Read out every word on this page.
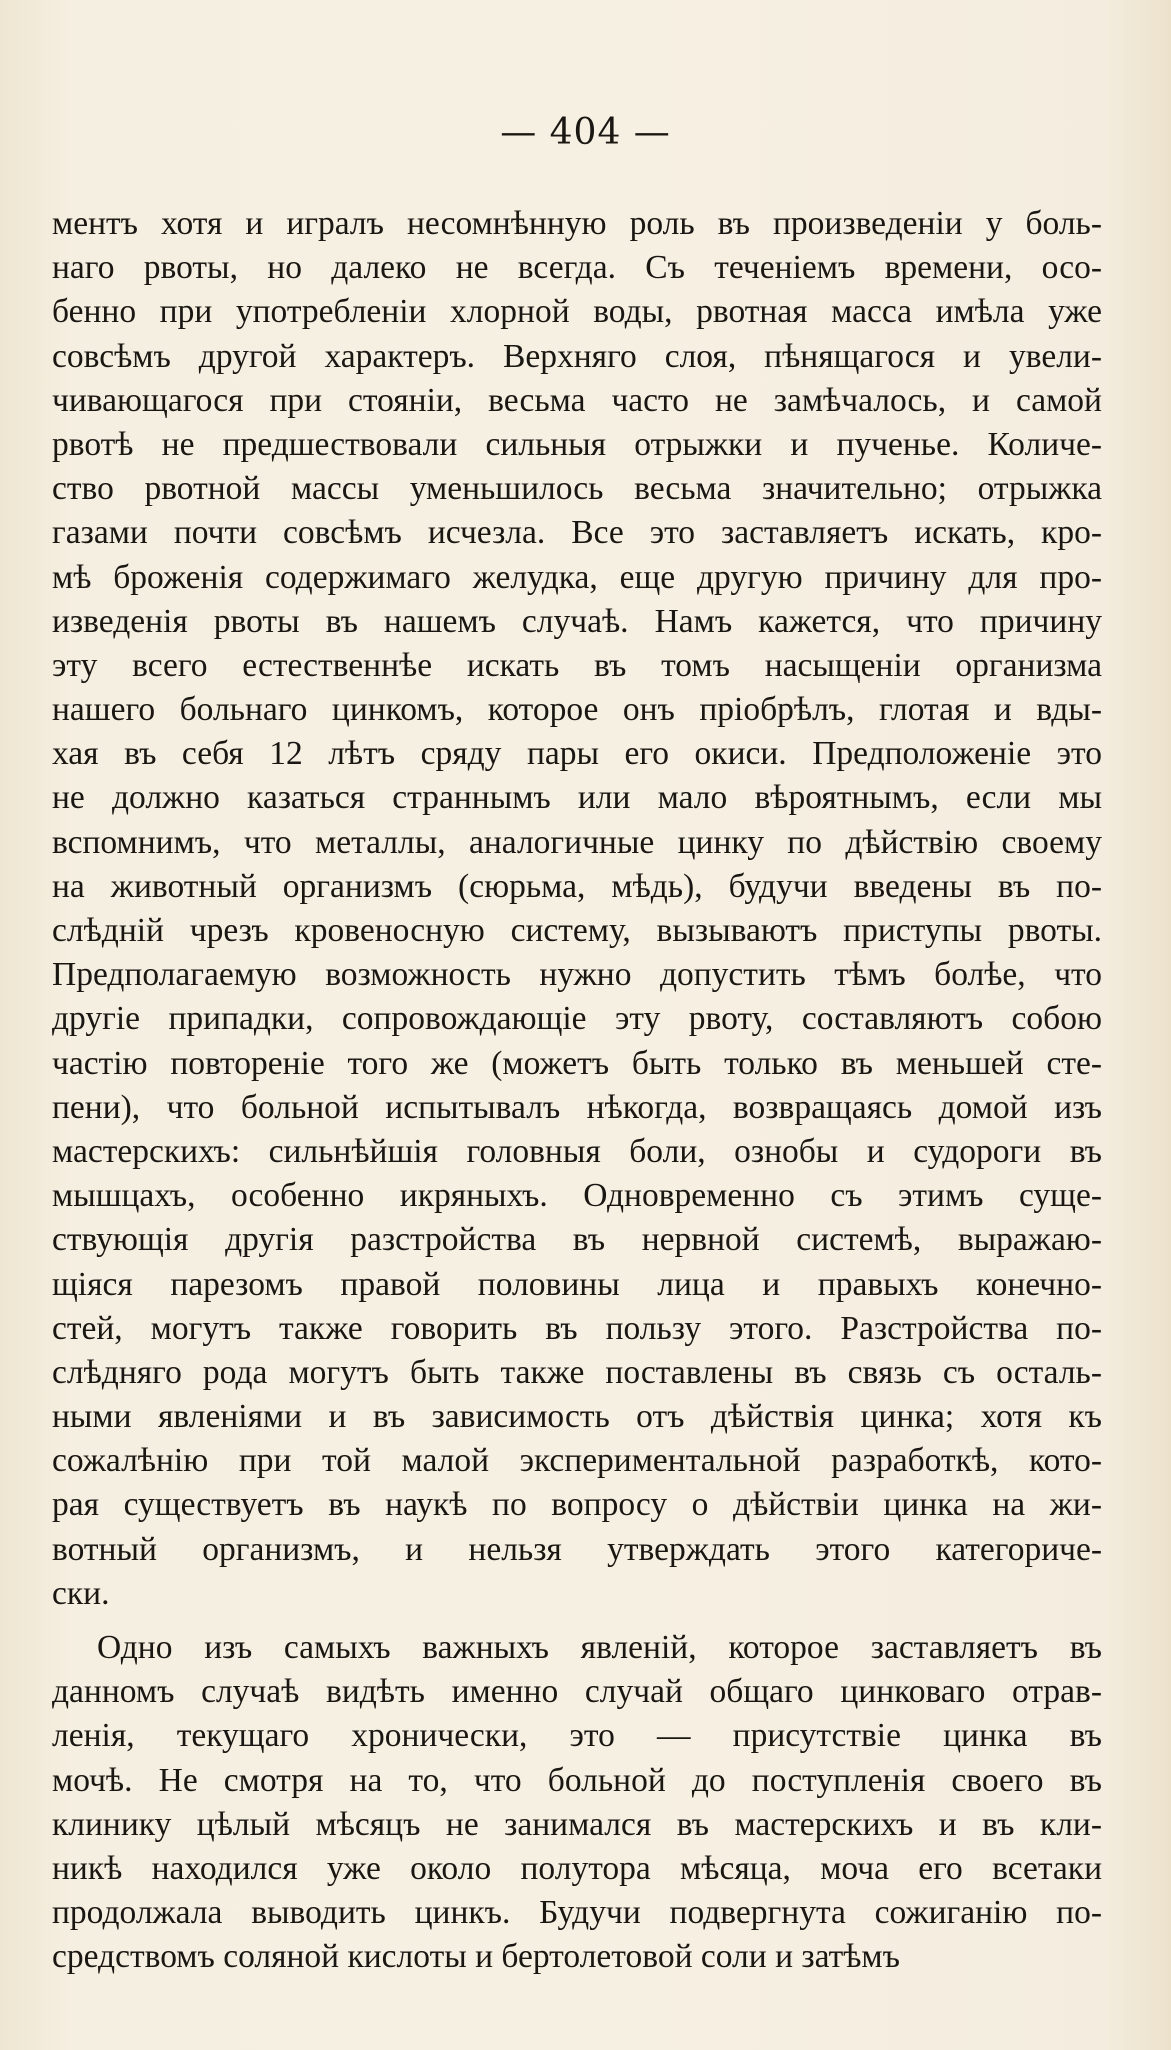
— 404 —
ментъ хотя и игралъ несомнѣнную роль въ произведенiи у боль-
наго рвоты, но далеко не всегда. Съ теченiемъ времени, осо-
бенно при употребленiи хлорной воды, рвотная масса имѣла уже
совсѣмъ другой характеръ. Верхняго слоя, пѣнящагося и увели-
чивающагося при стоянiи, весьма часто не замѣчалось, и самой
рвотѣ не предшествовали сильныя отрыжки и пученье. Количе-
ство рвотной массы уменьшилось весьма значительно; отрыжка
газами почти совсѣмъ исчезла. Все это заставляетъ искать, кро-
мѣ броженiя содержимаго желудка, еще другую причину для про-
изведенiя рвоты въ нашемъ случаѣ. Намъ кажется, что причину
эту всего естественнѣе искать въ томъ насыщенiи организма
нашего больнаго цинкомъ, которое онъ прiобрѣлъ, глотая и вды-
хая въ себя 12 лѣтъ сряду пары его окиси. Предположенiе это
не должно казаться страннымъ или мало вѣроятнымъ, если мы
вспомнимъ, что металлы, аналогичные цинку по дѣйствiю своему
на животный организмъ (сюрьма, мѣдь), будучи введены въ по-
слѣднiй чрезъ кровеносную систему, вызываютъ приступы рвоты.
Предполагаемую возможность нужно допустить тѣмъ болѣе, что
другiе припадки, сопровождающiе эту рвоту, составляютъ собою
частiю повторенiе того же (можетъ быть только въ меньшей сте-
пени), что больной испытывалъ нѣкогда, возвращаясь домой изъ
мастерскихъ: сильнѣйшiя головныя боли, ознобы и судороги въ
мышцахъ, особенно икряныхъ. Одновременно съ этимъ суще-
ствующiя другiя разстройства въ нервной системѣ, выражаю-
щiяся парезомъ правой половины лица и правыхъ конечно-
стей, могутъ также говорить въ пользу этого. Разстройства по-
слѣдняго рода могутъ быть также поставлены въ связь съ осталь-
ными явленiями и въ зависимость отъ дѣйствiя цинка; хотя къ
сожалѣнiю при той малой экспериментальной разработкѣ, кото-
рая существуетъ въ наукѣ по вопросу о дѣйствiи цинка на жи-
вотный организмъ, и нельзя утверждать этого категориче-
ски.
Одно изъ самыхъ важныхъ явленiй, которое заставляетъ въ
данномъ случаѣ видѣть именно случай общаго цинковаго отрав-
ленiя, текущаго хронически, это — присутствiе цинка въ
мочѣ. Не смотря на то, что больной до поступленiя своего въ
клинику цѣлый мѣсяцъ не занимался въ мастерскихъ и въ кли-
никѣ находился уже около полутора мѣсяца, моча его всетаки
продолжала выводить цинкъ. Будучи подвергнута сожиганiю по-
средствомъ соляной кислоты и бертолетовой соли и затѣмъ
